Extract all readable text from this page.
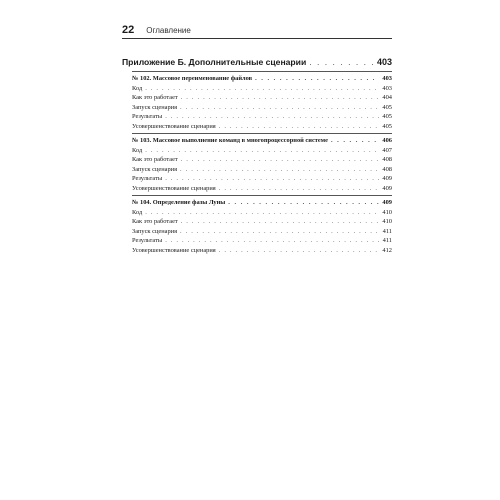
22 Оглавление
Приложение Б. Дополнительные сценарии . . .	403
№ 102. Массовое переименование файлов . . .	403
Код . . .	403
Как это работает . . .	404
Запуск сценария . . .	405
Результаты . . .	405
Усовершенствование сценария . . .	405
№ 103. Массовое выполнение команд в многопроцессорной системе . . .	406
Код . . .	407
Как это работает . . .	408
Запуск сценария . . .	408
Результаты . . .	409
Усовершенствование сценария . . .	409
№ 104. Определение фазы Луны . . .	409
Код . . .	410
Как это работает . . .	410
Запуск сценария . . .	411
Результаты . . .	411
Усовершенствование сценария . . .	412
